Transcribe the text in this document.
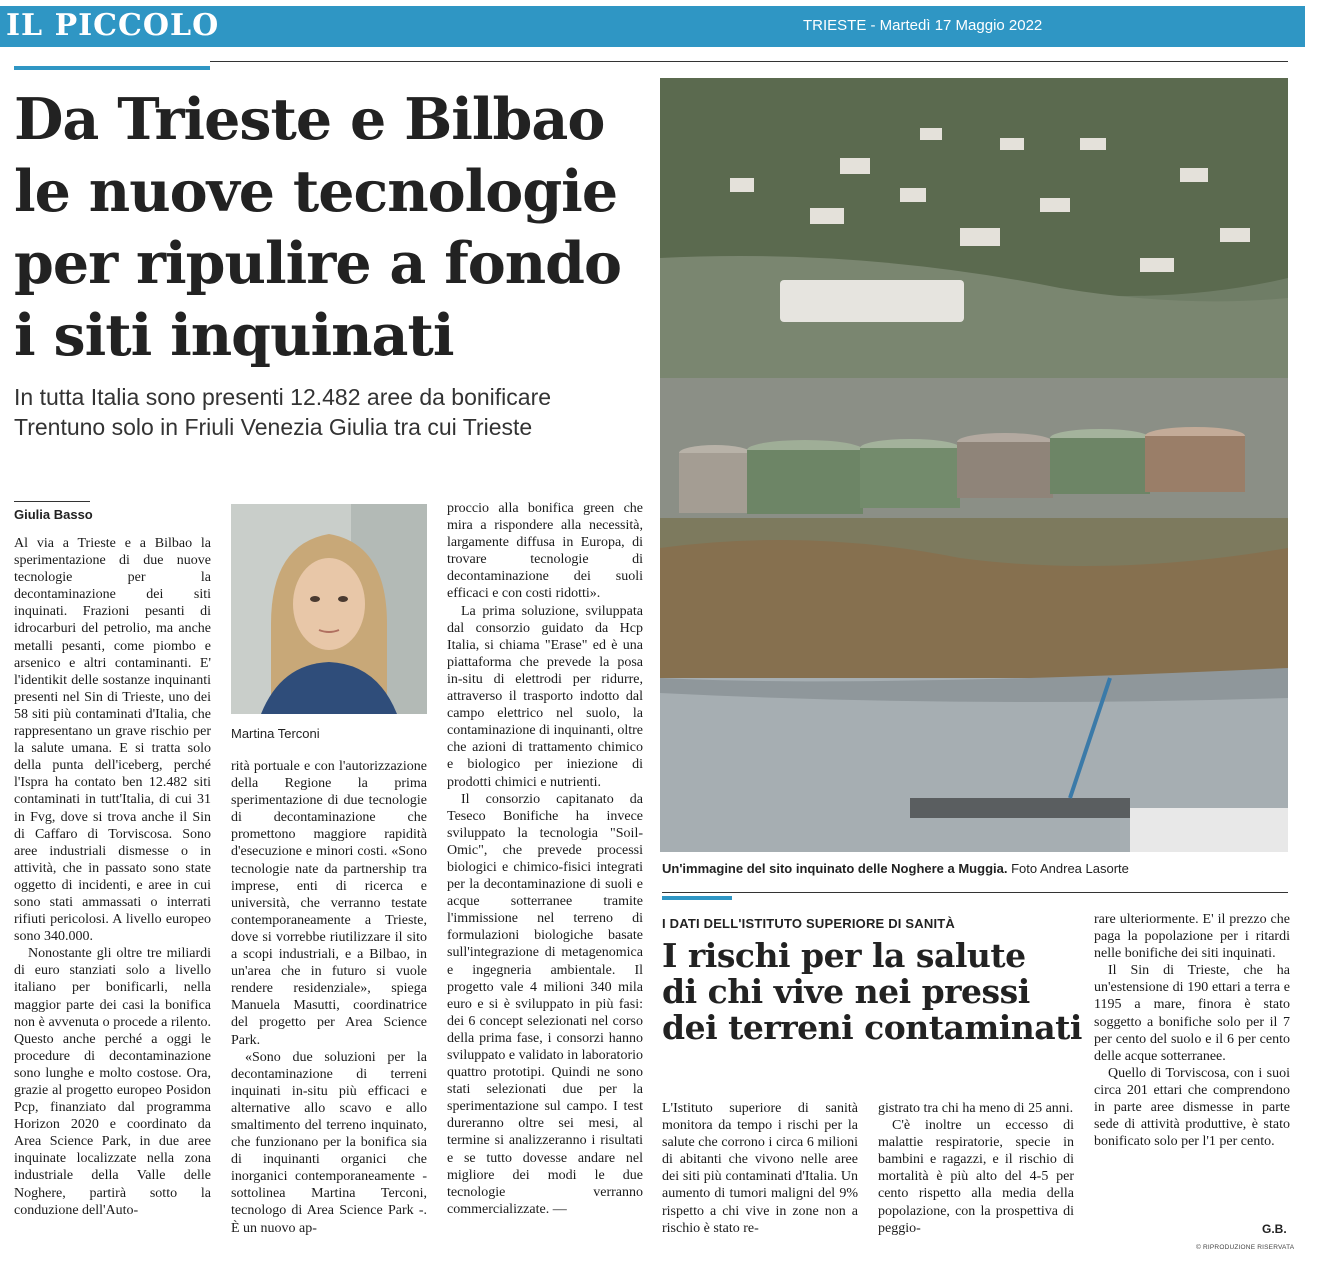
IL PICCOLO	TRIESTE - Martedì 17 Maggio 2022
Da Trieste e Bilbao
le nuove tecnologie
per ripulire a fondo
i siti inquinati
In tutta Italia sono presenti 12.482 aree da bonificare
Trentuno solo in Friuli Venezia Giulia tra cui Trieste
Giulia Basso

Al via a Trieste e a Bilbao la sperimentazione di due nuove tecnologie per la decontaminazione dei siti inquinati. Frazioni pesanti di idrocarburi del petrolio, ma anche metalli pesanti, come piombo e arsenico e altri contaminanti. E' l'identikit delle sostanze inquinanti presenti nel Sin di Trieste, uno dei 58 siti più contaminati d'Italia, che rappresentano un grave rischio per la salute umana. E si tratta solo della punta dell'iceberg, perché l'Ispra ha contato ben 12.482 siti contaminati in tutt'Italia, di cui 31 in Fvg, dove si trova anche il Sin di Caffaro di Torviscosa. Sono aree industriali dismesse o in attività, che in passato sono state oggetto di incidenti, e aree in cui sono stati ammassati o interrati rifiuti pericolosi. A livello europeo sono 340.000.

Nonostante gli oltre tre miliardi di euro stanziati solo a livello italiano per bonificarli, nella maggior parte dei casi la bonifica non è avvenuta o procede a rilento. Questo anche perché a oggi le procedure di decontaminazione sono lunghe e molto costose. Ora, grazie al progetto europeo Posidon Pcp, finanziato dal programma Horizon 2020 e coordinato da Area Science Park, in due aree inquinate localizzate nella zona industriale della Valle delle Noghere, partirà sotto la conduzione dell'Auto-

Martina Terconi

rità portuale e con l'autorizzazione della Regione la prima sperimentazione di due tecnologie di decontaminazione che promettono maggiore rapidità d'esecuzione e minori costi. «Sono tecnologie nate da partnership tra imprese, enti di ricerca e università, che verranno testate contemporaneamente a Trieste, dove si vorrebbe riutilizzare il sito a scopi industriali, e a Bilbao, in un'area che in futuro si vuole rendere residenziale», spiega Manuela Masutti, coordinatrice del progetto per Area Science Park.

«Sono due soluzioni per la decontaminazione di terreni inquinati in-situ più efficaci e alternative allo scavo e allo smaltimento del terreno inquinato, che funzionano per la bonifica sia di inquinanti organici che inorganici contemporaneamente - sottolinea Martina Terconi, tecnologo di Area Science Park -. È un nuovo ap-

proccio alla bonifica green che mira a rispondere alla necessità, largamente diffusa in Europa, di trovare tecnologie di decontaminazione dei suoli efficaci e con costi ridotti».

La prima soluzione, sviluppata dal consorzio guidato da Hcp Italia, si chiama "Erase" ed è una piattaforma che prevede la posa in-situ di elettrodi per ridurre, attraverso il trasporto indotto dal campo elettrico nel suolo, la contaminazione di inquinanti, oltre che azioni di trattamento chimico e biologico per iniezione di prodotti chimici e nutrienti.

Il consorzio capitanato da Teseco Bonifiche ha invece sviluppato la tecnologia "Soil-Omic", che prevede processi biologici e chimico-fisici integrati per la decontaminazione di suoli e acque sotterranee tramite l'immissione nel terreno di formulazioni biologiche basate sull'integrazione di metagenomica e ingegneria ambientale. Il progetto vale 4 milioni 340 mila euro e si è sviluppato in più fasi: dei 6 concept selezionati nel corso della prima fase, i consorzi hanno sviluppato e validato in laboratorio quattro prototipi. Quindi ne sono stati selezionati due per la sperimentazione sul campo. I test dureranno oltre sei mesi, al termine si analizzeranno i risultati e se tutto dovesse andare nel migliore dei modi le due tecnologie verranno commercializzate. —

Un'immagine del sito inquinato delle Noghere a Muggia. Foto Andrea Lasorte
I DATI DELL'ISTITUTO SUPERIORE DI SANITÀ
I rischi per la salute
di chi vive nei pressi
dei terreni contaminati

L'Istituto superiore di sanità monitora da tempo i rischi per la salute che corrono i circa 6 milioni di abitanti che vivono nelle aree dei siti più contaminati d'Italia. Un aumento di tumori maligni del 9% rispetto a chi vive in zone non a rischio è stato re-

gistrato tra chi ha meno di 25 anni.

C'è inoltre un eccesso di malattie respiratorie, specie in bambini e ragazzi, e il rischio di mortalità è più alto del 4-5 per cento rispetto alla media della popolazione, con la prospettiva di peggio-

rare ulteriormente. E' il prezzo che paga la popolazione per i ritardi nelle bonifiche dei siti inquinati.

Il Sin di Trieste, che ha un'estensione di 190 ettari a terra e 1195 a mare, finora è stato soggetto a bonifiche solo per il 7 per cento del suolo e il 6 per cento delle acque sotterranee.

Quello di Torviscosa, con i suoi circa 201 ettari che comprendono in parte aree dismesse in parte sede di attività produttive, è stato bonificato solo per l'1 per cento.

G.B.
© RIPRODUZIONE RISERVATA
